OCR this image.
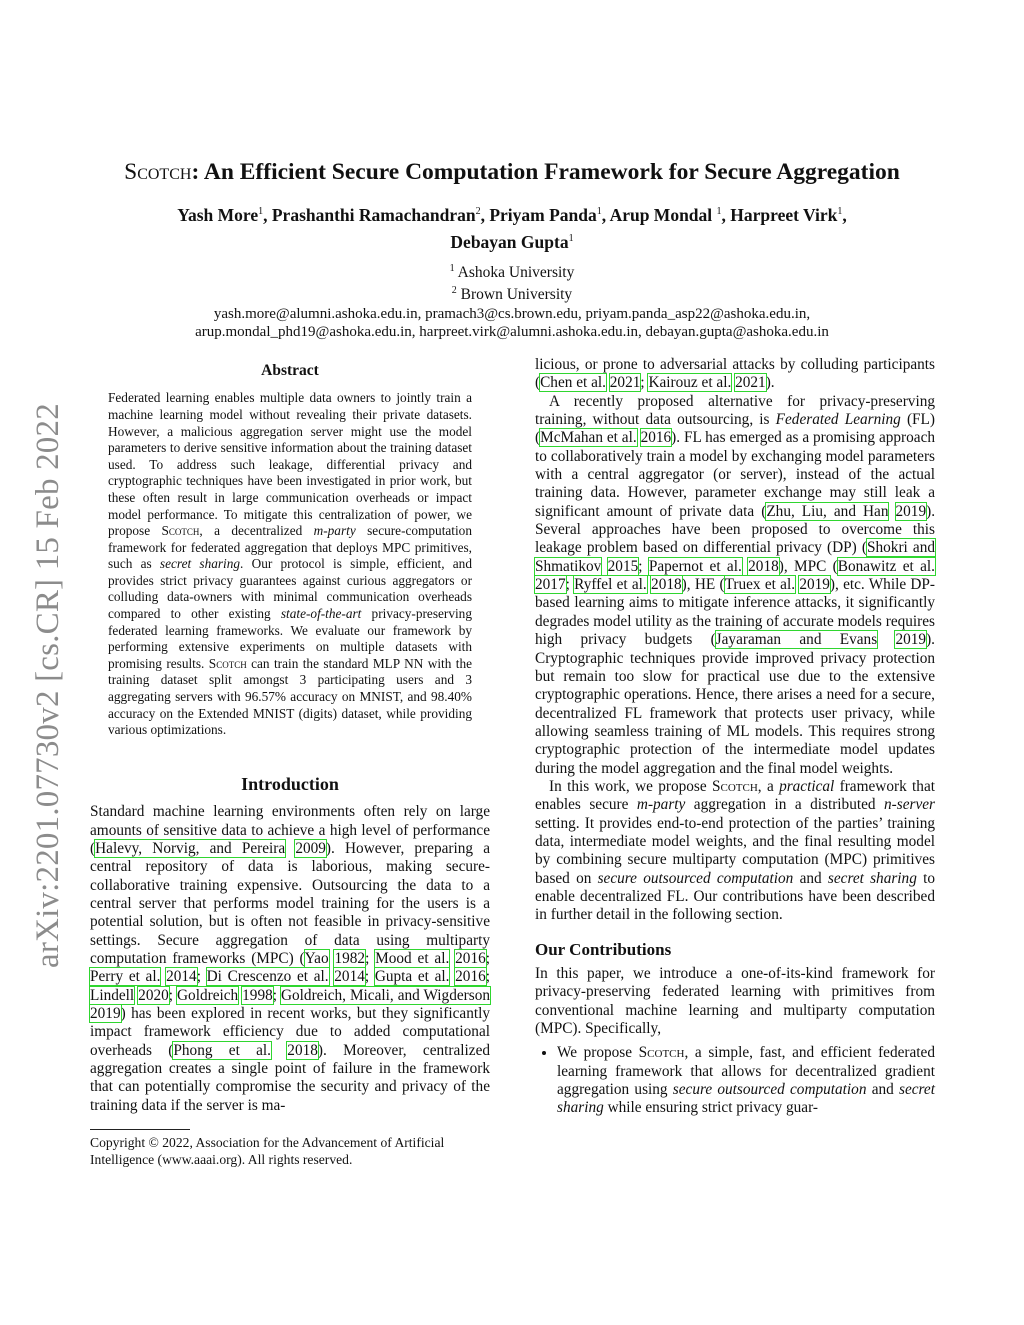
arXiv:2201.07730v2 [cs.CR] 15 Feb 2022
Scotch: An Efficient Secure Computation Framework for Secure Aggregation
Yash More$^1$, Prashanthi Ramachandran$^2$, Priyam Panda$^1$, Arup Mondal $^1$, Harpreet Virk$^1$,
Debayan Gupta$^1$
$^1$ Ashoka University
$^2$ Brown University
yash.more@alumni.ashoka.edu.in, pramach3@cs.brown.edu, priyam.panda_asp22@ashoka.edu.in,
arup.mondal_phd19@ashoka.edu.in, harpreet.virk@alumni.ashoka.edu.in, debayan.gupta@ashoka.edu.in
Abstract

Federated learning enables multiple data owners to jointly train a machine learning model without revealing their private datasets. However, a malicious aggregation server might use the model parameters to derive sensitive information about the training dataset used. To address such leakage, differential privacy and cryptographic techniques have been investigated in prior work, but these often result in large communication overheads or impact model performance. To mitigate this centralization of power, we propose Scotch, a decentralized m-party secure-computation framework for federated aggregation that deploys MPC primitives, such as secret sharing. Our protocol is simple, efficient, and provides strict privacy guarantees against curious aggregators or colluding data-owners with minimal communication overheads compared to other existing state-of-the-art privacy-preserving federated learning frameworks. We evaluate our framework by performing extensive experiments on multiple datasets with promising results. Scotch can train the standard MLP NN with the training dataset split amongst 3 participating users and 3 aggregating servers with 96.57% accuracy on MNIST, and 98.40% accuracy on the Extended MNIST (digits) dataset, while providing various optimizations.

Introduction

Standard machine learning environments often rely on large amounts of sensitive data to achieve a high level of performance (Halevy, Norvig, and Pereira 2009). However, preparing a central repository of data is laborious, making secure-collaborative training expensive. Outsourcing the data to a central server that performs model training for the users is a potential solution, but is often not feasible in privacy-sensitive settings. Secure aggregation of data using multiparty computation frameworks (MPC) (Yao 1982; Mood et al. 2016; Perry et al. 2014; Di Crescenzo et al. 2014; Gupta et al. 2016; Lindell 2020; Goldreich 1998; Goldreich, Micali, and Wigderson 2019) has been explored in recent works, but they significantly impact framework efficiency due to added computational overheads (Phong et al. 2018). Moreover, centralized aggregation creates a single point of failure in the framework that can potentially compromise the security and privacy of the training data if the server is ma-

Copyright © 2022, Association for the Advancement of Artificial Intelligence (www.aaai.org). All rights reserved.

licious, or prone to adversarial attacks by colluding participants (Chen et al. 2021; Kairouz et al. 2021).

A recently proposed alternative for privacy-preserving training, without data outsourcing, is Federated Learning (FL) (McMahan et al. 2016). FL has emerged as a promising approach to collaboratively train a model by exchanging model parameters with a central aggregator (or server), instead of the actual training data. However, parameter exchange may still leak a significant amount of private data (Zhu, Liu, and Han 2019). Several approaches have been proposed to overcome this leakage problem based on differential privacy (DP) (Shokri and Shmatikov 2015; Papernot et al. 2018), MPC (Bonawitz et al. 2017; Ryffel et al. 2018), HE (Truex et al. 2019), etc. While DP-based learning aims to mitigate inference attacks, it significantly degrades model utility as the training of accurate models requires high privacy budgets (Jayaraman and Evans 2019). Cryptographic techniques provide improved privacy protection but remain too slow for practical use due to the extensive cryptographic operations. Hence, there arises a need for a secure, decentralized FL framework that protects user privacy, while allowing seamless training of ML models. This requires strong cryptographic protection of the intermediate model updates during the model aggregation and the final model weights.

In this work, we propose Scotch, a practical framework that enables secure m-party aggregation in a distributed n-server setting. It provides end-to-end protection of the parties’ training data, intermediate model weights, and the final resulting model by combining secure multiparty computation (MPC) primitives based on secure outsourced computation and secret sharing to enable decentralized FL. Our contributions have been described in further detail in the following section.

Our Contributions

In this paper, we introduce a one-of-its-kind framework for privacy-preserving federated learning with primitives from conventional machine learning and multiparty computation (MPC). Specifically,

• We propose Scotch, a simple, fast, and efficient federated learning framework that allows for decentralized gradient aggregation using secure outsourced computation and secret sharing while ensuring strict privacy guar-
